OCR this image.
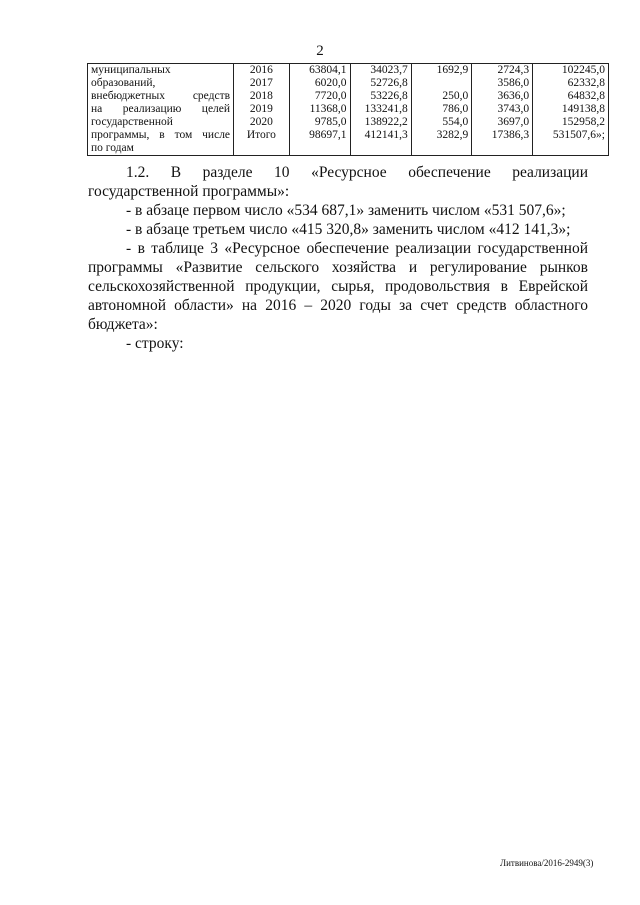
2
муниципальных	2016	63804,1	34023,7	1692,9	2724,3	102245,0
образований,	2017	6020,0	52726,8		3586,0	62332,8
внебюджетных средств	2018	7720,0	53226,8	250,0	3636,0	64832,8
на реализацию целей	2019	11368,0	133241,8	786,0	3743,0	149138,8
государственной	2020	9785,0	138922,2	554,0	3697,0	152958,2
программы, в том числе	Итого	98697,1	412141,3	3282,9	17386,3	531507,6»;
по годам						

1.2. В разделе 10 «Ресурсное обеспечение реализации государственной программы»:

- в абзаце первом число «534 687,1» заменить числом «531 507,6»;

- в абзаце третьем число «415 320,8» заменить числом «412 141,3»;

- в таблице 3 «Ресурсное обеспечение реализации государственной программы «Развитие сельского хозяйства и регулирование рынков сельскохозяйственной продукции, сырья, продовольствия в Еврейской автономной области» на 2016 – 2020 годы за счет средств областного бюджета»:

- строку:

Литвинова/2016-2949(3)
